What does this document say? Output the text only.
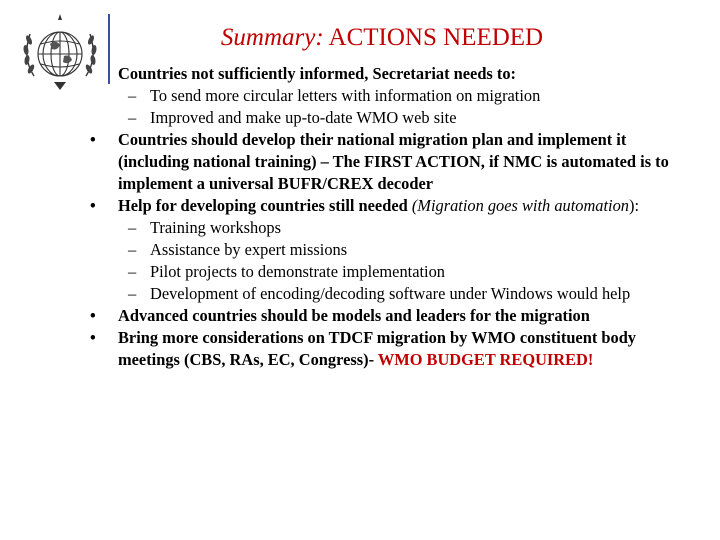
Summary: ACTIONS NEEDED
Countries not sufficiently informed, Secretariat needs to:
– To send more circular letters with information on migration
– Improved and make up-to-date WMO web site
•	Countries should develop their national migration plan and implement it (including national training) – The FIRST ACTION, if NMC is automated is to implement a universal BUFR/CREX decoder
•	Help for developing countries still needed (Migration goes with automation):
– Training workshops
– Assistance by expert missions
– Pilot projects to demonstrate implementation
– Development of encoding/decoding software under Windows would help
•	Advanced countries should be models and leaders for the migration
•	Bring more considerations on TDCF migration by WMO constituent body meetings (CBS, RAs, EC, Congress)- WMO BUDGET REQUIRED!
